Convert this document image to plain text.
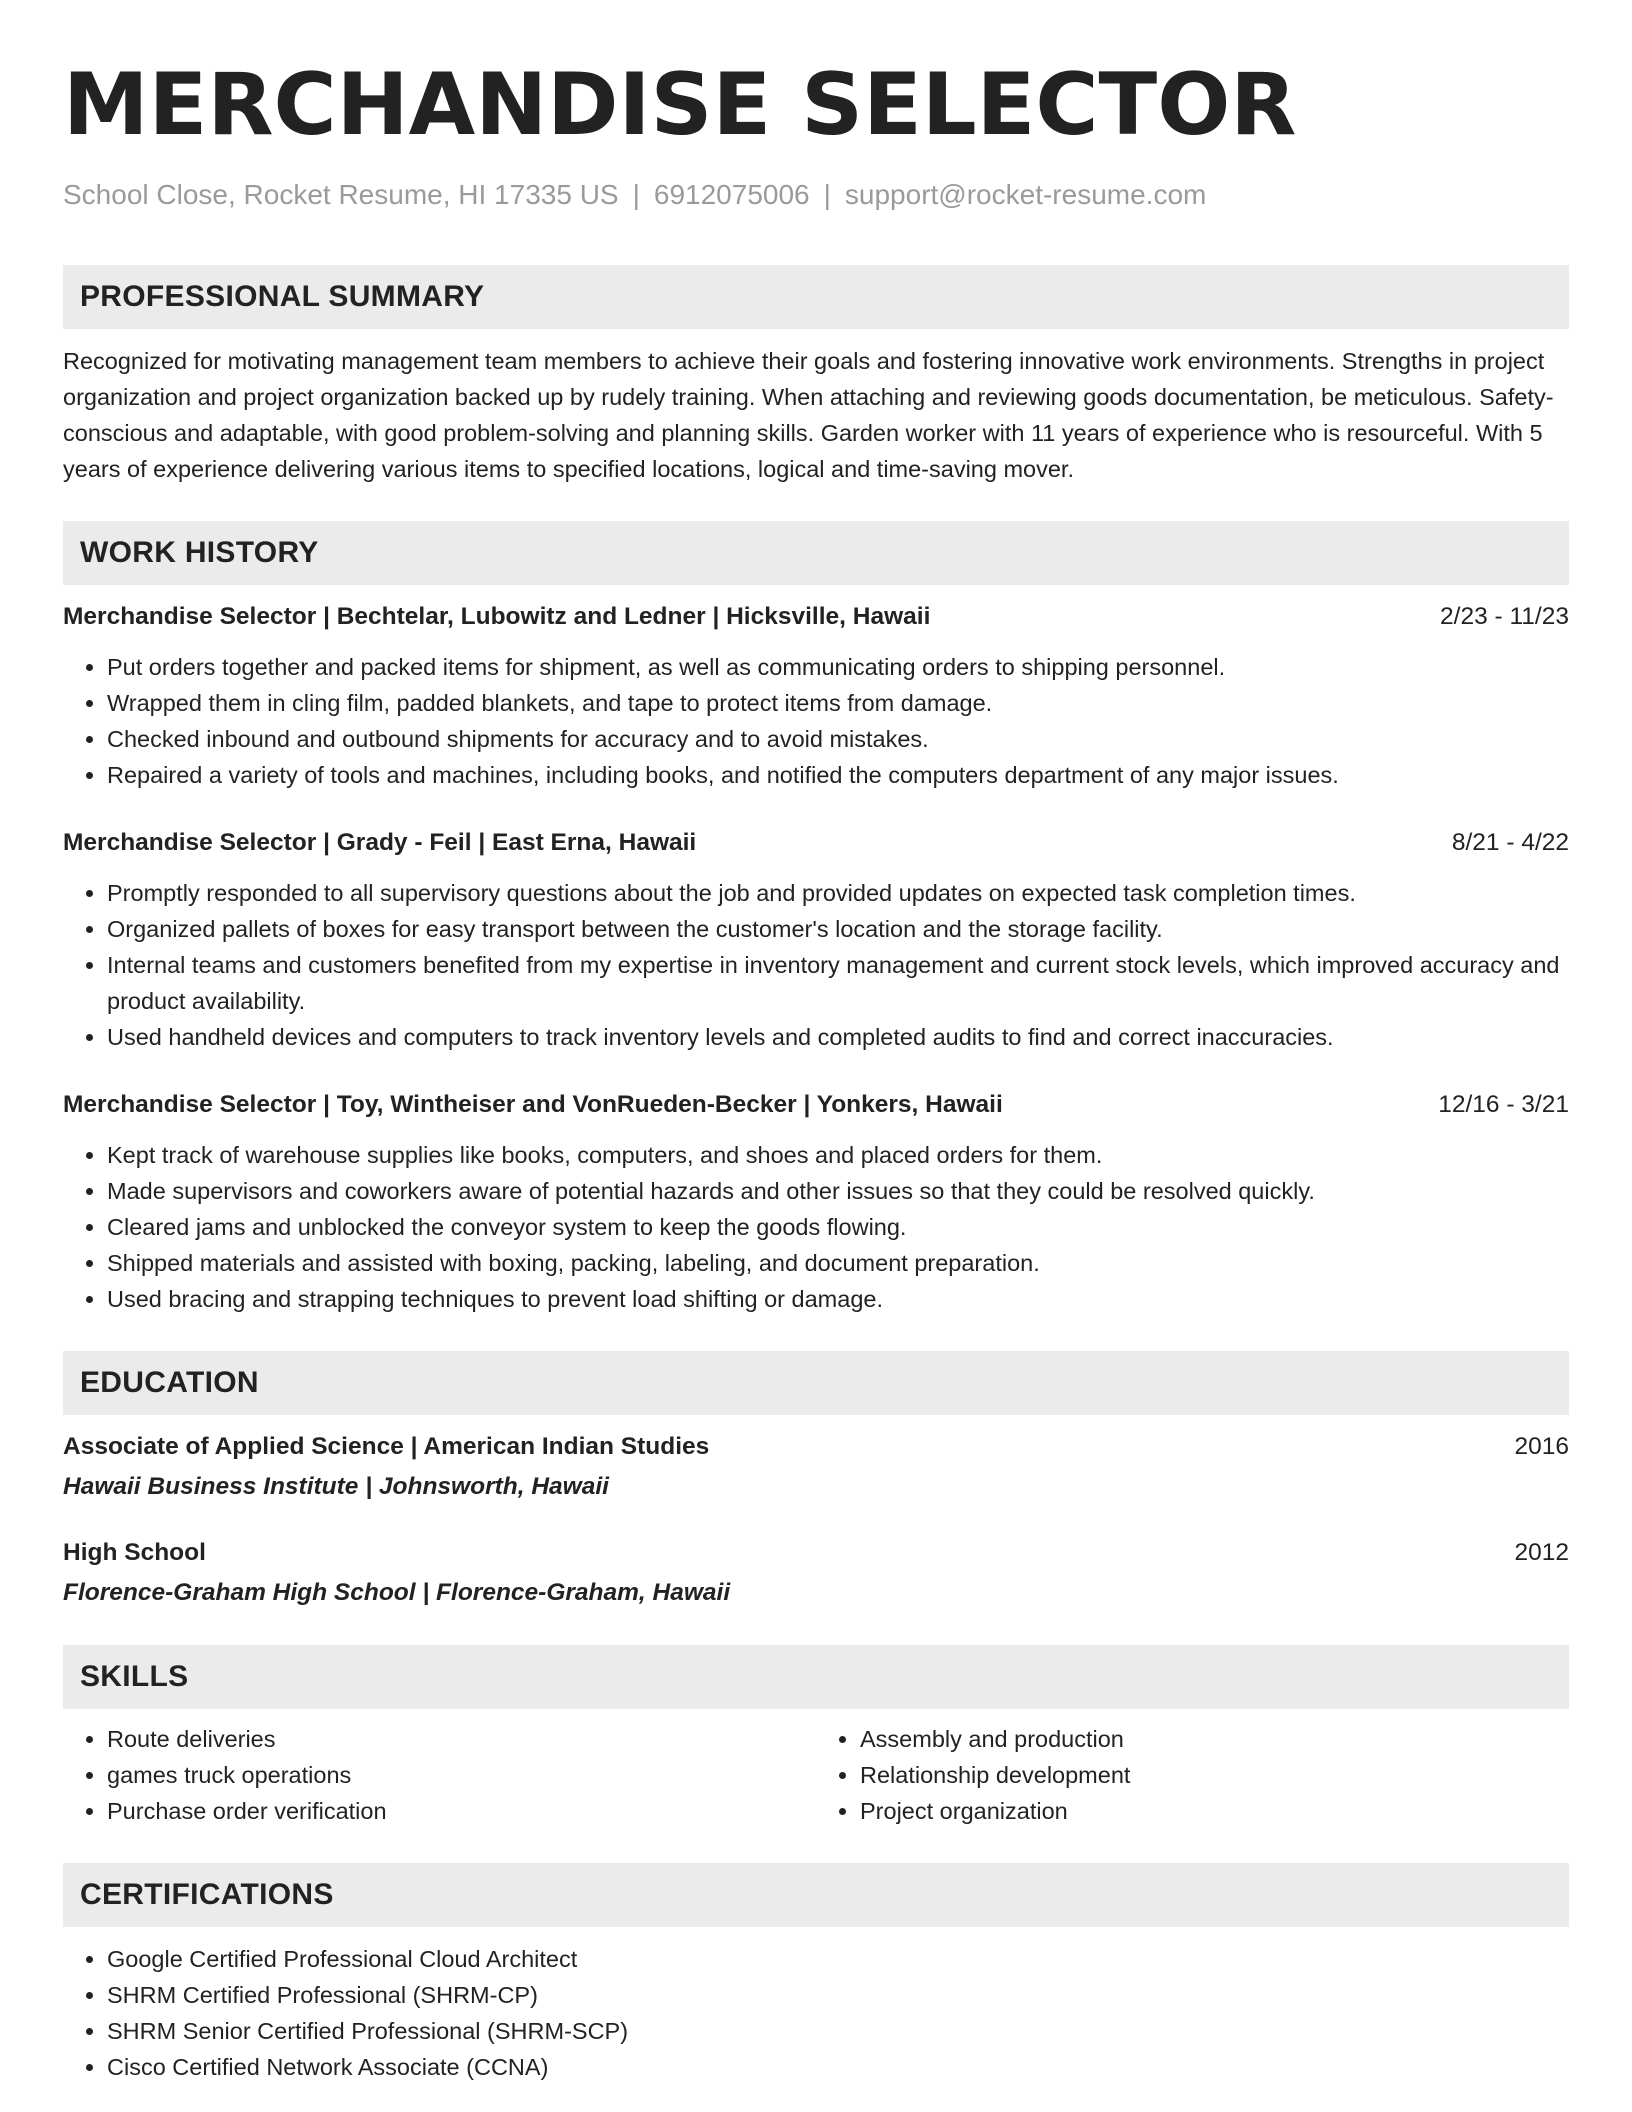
MERCHANDISE SELECTOR
School Close, Rocket Resume, HI 17335 US | 6912075006 | support@rocket-resume.com
PROFESSIONAL SUMMARY
Recognized for motivating management team members to achieve their goals and fostering innovative work environments. Strengths in project organization and project organization backed up by rudely training. When attaching and reviewing goods documentation, be meticulous. Safety-conscious and adaptable, with good problem-solving and planning skills. Garden worker with 11 years of experience who is resourceful. With 5 years of experience delivering various items to specified locations, logical and time-saving mover.
WORK HISTORY
Merchandise Selector | Bechtelar, Lubowitz and Ledner | Hicksville, Hawaii	2/23 - 11/23
• Put orders together and packed items for shipment, as well as communicating orders to shipping personnel.
• Wrapped them in cling film, padded blankets, and tape to protect items from damage.
• Checked inbound and outbound shipments for accuracy and to avoid mistakes.
• Repaired a variety of tools and machines, including books, and notified the computers department of any major issues.
Merchandise Selector | Grady - Feil | East Erna, Hawaii	8/21 - 4/22
• Promptly responded to all supervisory questions about the job and provided updates on expected task completion times.
• Organized pallets of boxes for easy transport between the customer's location and the storage facility.
• Internal teams and customers benefited from my expertise in inventory management and current stock levels, which improved accuracy and product availability.
• Used handheld devices and computers to track inventory levels and completed audits to find and correct inaccuracies.
Merchandise Selector | Toy, Wintheiser and VonRueden-Becker | Yonkers, Hawaii	12/16 - 3/21
• Kept track of warehouse supplies like books, computers, and shoes and placed orders for them.
• Made supervisors and coworkers aware of potential hazards and other issues so that they could be resolved quickly.
• Cleared jams and unblocked the conveyor system to keep the goods flowing.
• Shipped materials and assisted with boxing, packing, labeling, and document preparation.
• Used bracing and strapping techniques to prevent load shifting or damage.
EDUCATION
Associate of Applied Science | American Indian Studies	2016
Hawaii Business Institute | Johnsworth, Hawaii
High School	2012
Florence-Graham High School | Florence-Graham, Hawaii
SKILLS
• Route deliveries
• games truck operations
• Purchase order verification
• Assembly and production
• Relationship development
• Project organization
CERTIFICATIONS
• Google Certified Professional Cloud Architect
• SHRM Certified Professional (SHRM-CP)
• SHRM Senior Certified Professional (SHRM-SCP)
• Cisco Certified Network Associate (CCNA)
